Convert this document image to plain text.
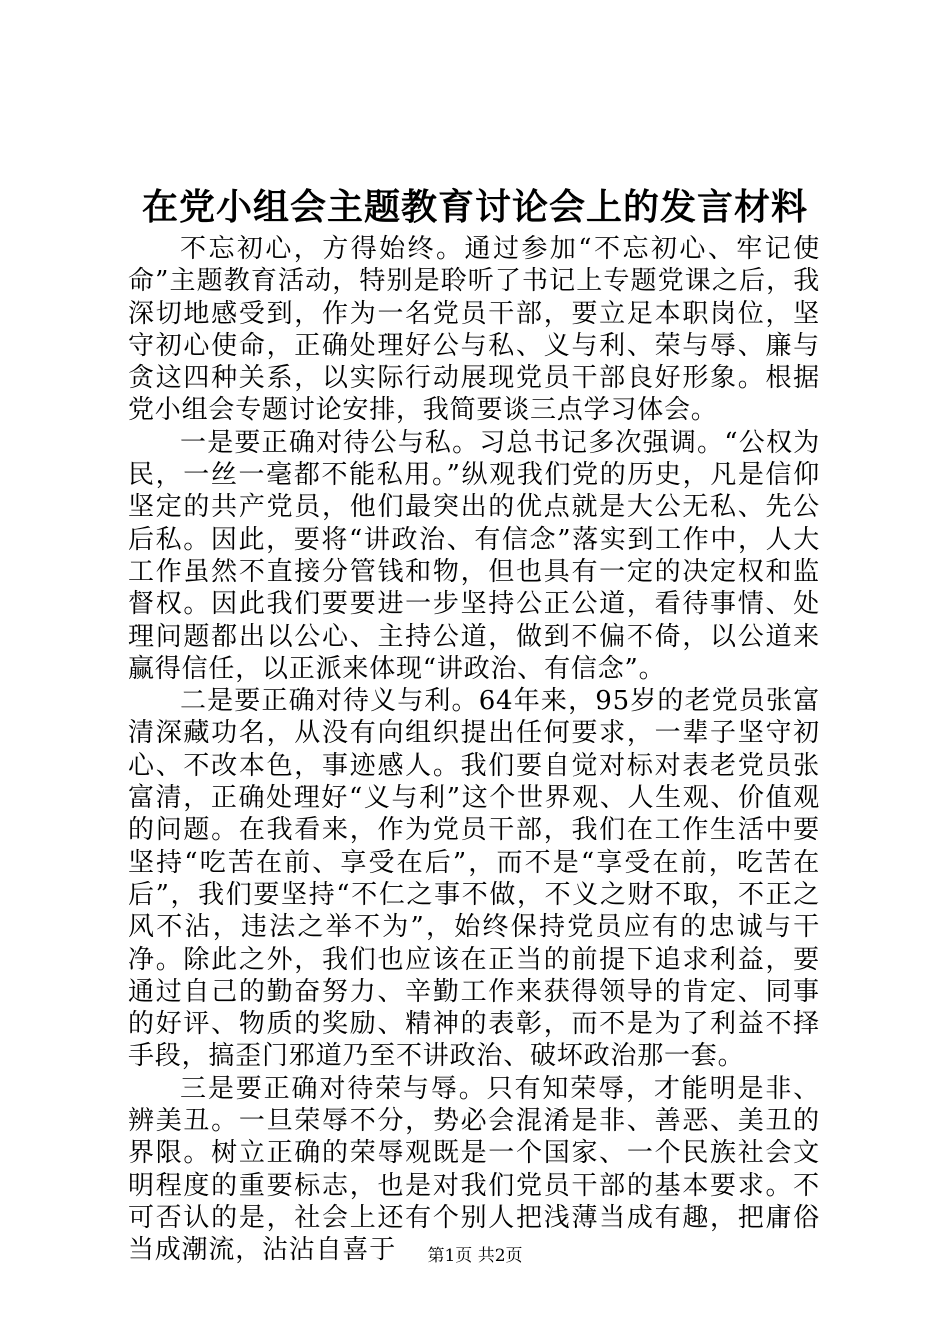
在党小组会主题教育讨论会上的发言材料

不忘初心，方得始终。通过参加“不忘初心、牢记使命”主题教育活动，特别是聆听了书记上专题党课之后，我深切地感受到，作为一名党员干部，要立足本职岗位，坚守初心使命，正确处理好公与私、义与利、荣与辱、廉与贪这四种关系，以实际行动展现党员干部良好形象。根据党小组会专题讨论安排，我简要谈三点学习体会。

一是要正确对待公与私。习总书记多次强调。“公权为民，一丝一毫都不能私用。”纵观我们党的历史，凡是信仰坚定的共产党员，他们最突出的优点就是大公无私、先公后私。因此，要将“讲政治、有信念”落实到工作中，人大工作虽然不直接分管钱和物，但也具有一定的决定权和监督权。因此我们要要进一步坚持公正公道，看待事情、处理问题都出以公心、主持公道，做到不偏不倚，以公道来赢得信任，以正派来体现“讲政治、有信念”。

二是要正确对待义与利。64年来，95岁的老党员张富清深藏功名，从没有向组织提出任何要求，一辈子坚守初心、不改本色，事迹感人。我们要自觉对标对表老党员张富清，正确处理好“义与利”这个世界观、人生观、价值观的问题。在我看来，作为党员干部，我们在工作生活中要坚持“吃苦在前、享受在后”，而不是“享受在前，吃苦在后”，我们要坚持“不仁之事不做，不义之财不取，不正之风不沾，违法之举不为”，始终保持党员应有的忠诚与干净。除此之外，我们也应该在正当的前提下追求利益，要通过自己的勤奋努力、辛勤工作来获得领导的肯定、同事的好评、物质的奖励、精神的表彰，而不是为了利益不择手段，搞歪门邪道乃至不讲政治、破坏政治那一套。

三是要正确对待荣与辱。只有知荣辱，才能明是非、辨美丑。一旦荣辱不分，势必会混淆是非、善恶、美丑的界限。树立正确的荣辱观既是一个国家、一个民族社会文明程度的重要标志，也是对我们党员干部的基本要求。不可否认的是，社会上还有个别人把浅薄当成有趣，把庸俗当成潮流，沾沾自喜于	第1页 共2页
